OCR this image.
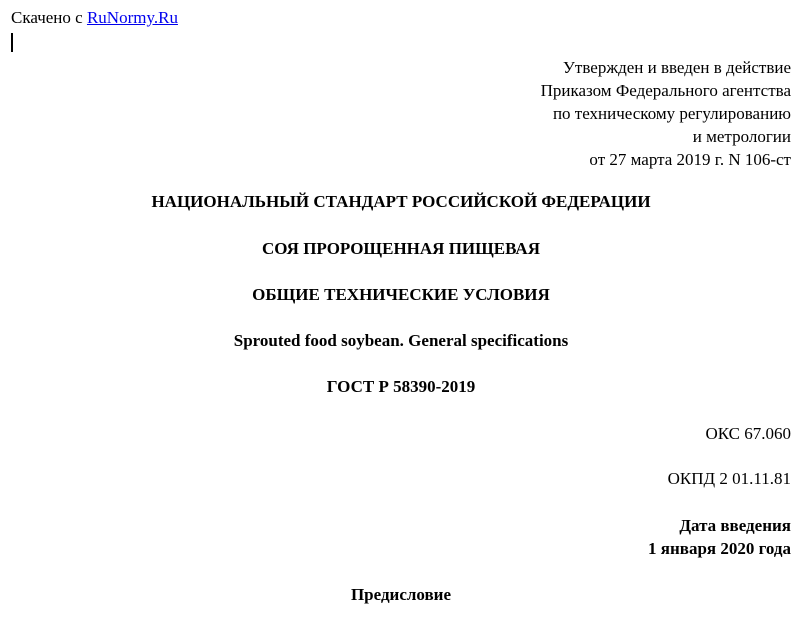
Скачено с RuNormy.Ru
Утвержден и введен в действие
Приказом Федерального агентства
по техническому регулированию
и метрологии
от 27 марта 2019 г. N 106-ст
НАЦИОНАЛЬНЫЙ СТАНДАРТ РОССИЙСКОЙ ФЕДЕРАЦИИ
СОЯ ПРОРОЩЕННАЯ ПИЩЕВАЯ
ОБЩИЕ ТЕХНИЧЕСКИЕ УСЛОВИЯ
Sprouted food soybean. General specifications
ГОСТ Р 58390-2019
ОКС 67.060
ОКПД 2 01.11.81
Дата введения
1 января 2020 года
Предисловие
